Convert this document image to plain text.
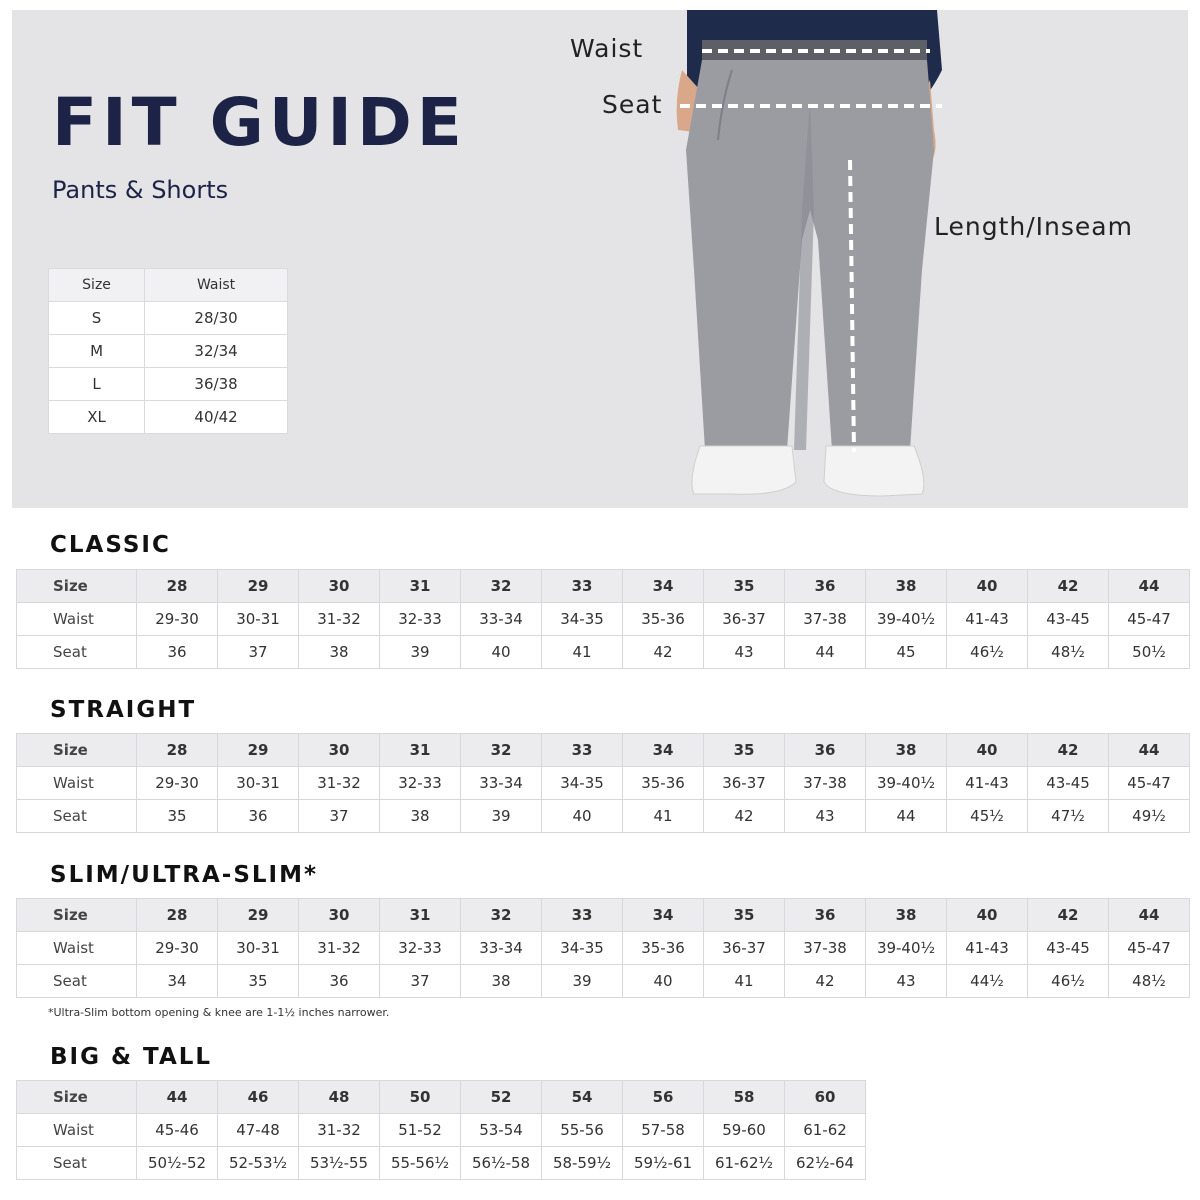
FIT GUIDE
Pants & Shorts
Size	Waist
S	28/30
M	32/34
L	36/38
XL	40/42
Waist
Seat
Length/Inseam
CLASSIC
Size	28	29	30	31	32	33	34	35	36	38	40	42	44
Waist	29-30	30-31	31-32	32-33	33-34	34-35	35-36	36-37	37-38	39-40½	41-43	43-45	45-47
Seat	36	37	38	39	40	41	42	43	44	45	46½	48½	50½
STRAIGHT
Size	28	29	30	31	32	33	34	35	36	38	40	42	44
Waist	29-30	30-31	31-32	32-33	33-34	34-35	35-36	36-37	37-38	39-40½	41-43	43-45	45-47
Seat	35	36	37	38	39	40	41	42	43	44	45½	47½	49½
SLIM/ULTRA-SLIM*
Size	28	29	30	31	32	33	34	35	36	38	40	42	44
Waist	29-30	30-31	31-32	32-33	33-34	34-35	35-36	36-37	37-38	39-40½	41-43	43-45	45-47
Seat	34	35	36	37	38	39	40	41	42	43	44½	46½	48½
*Ultra-Slim bottom opening & knee are 1-1½ inches narrower.
BIG & TALL
Size	44	46	48	50	52	54	56	58	60
Waist	45-46	47-48	31-32	51-52	53-54	55-56	57-58	59-60	61-62
Seat	50½-52	52-53½	53½-55	55-56½	56½-58	58-59½	59½-61	61-62½	62½-64
